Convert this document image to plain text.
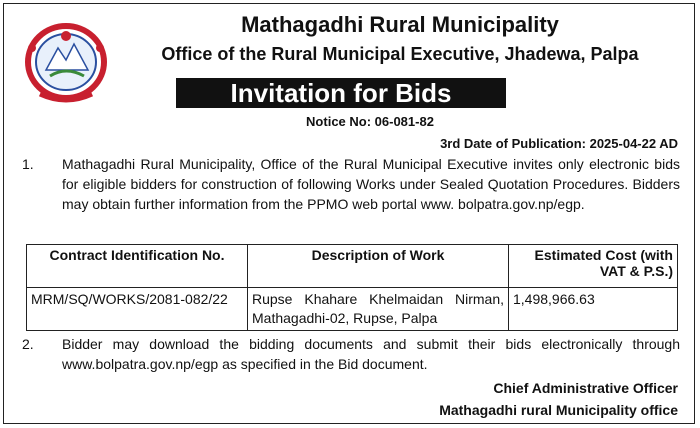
Mathagadhi Rural Municipality
Office of the Rural Municipal Executive, Jhadewa, Palpa
Invitation for Bids
Notice No: 06-081-82
3rd Date of Publication: 2025-04-22 AD
1. Mathagadhi Rural Municipality, Office of the Rural Municipal Executive invites only electronic bids for eligible bidders for construction of following Works under Sealed Quotation Procedures. Bidders may obtain further information from the PPMO web portal www. bolpatra.gov.np/egp.
Contract Identification No.	Description of Work	Estimated Cost (with VAT & P.S.)
MRM/SQ/WORKS/2081-082/22	Rupse Khahare Khelmaidan Nirman, Mathagadhi-02, Rupse, Palpa	1,498,966.63
2. Bidder may download the bidding documents and submit their bids electronically through www.bolpatra.gov.np/egp as specified in the Bid document.
Chief Administrative Officer
Mathagadhi rural Municipality office
